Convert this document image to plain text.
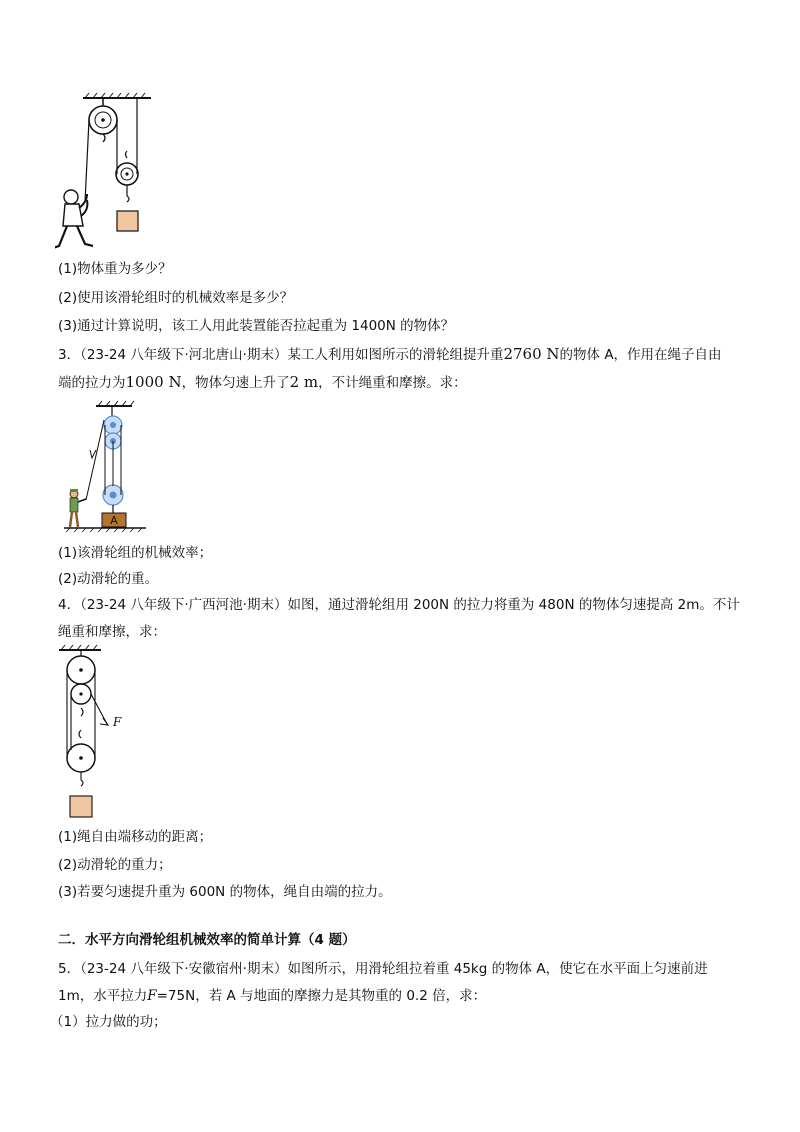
(1)物体重为多少？
(2)使用该滑轮组时的机械效率是多少？
(3)通过计算说明，该工人用此装置能否拉起重为 1400N 的物体？
3．（23-24 八年级下·河北唐山·期末）某工人利用如图所示的滑轮组提升重2760 N的物体 A，作用在绳子自由
端的拉力为1000 N，物体匀速上升了2 m，不计绳重和摩擦。求：
A
(1)该滑轮组的机械效率；
(2)动滑轮的重。
4．（23-24 八年级下·广西河池·期末）如图，通过滑轮组用 200N 的拉力将重为 480N 的物体匀速提高 2m。不计
绳重和摩擦，求：
F
(1)绳自由端移动的距离；
(2)动滑轮的重力；
(3)若要匀速提升重为 600N 的物体，绳自由端的拉力。
二．水平方向滑轮组机械效率的简单计算（4 题）
5．（23-24 八年级下·安徽宿州·期末）如图所示，用滑轮组拉着重 45kg 的物体 A，使它在水平面上匀速前进
1m，水平拉力F=75N，若 A 与地面的摩擦力是其物重的 0.2 倍，求：
（1）拉力做的功；
